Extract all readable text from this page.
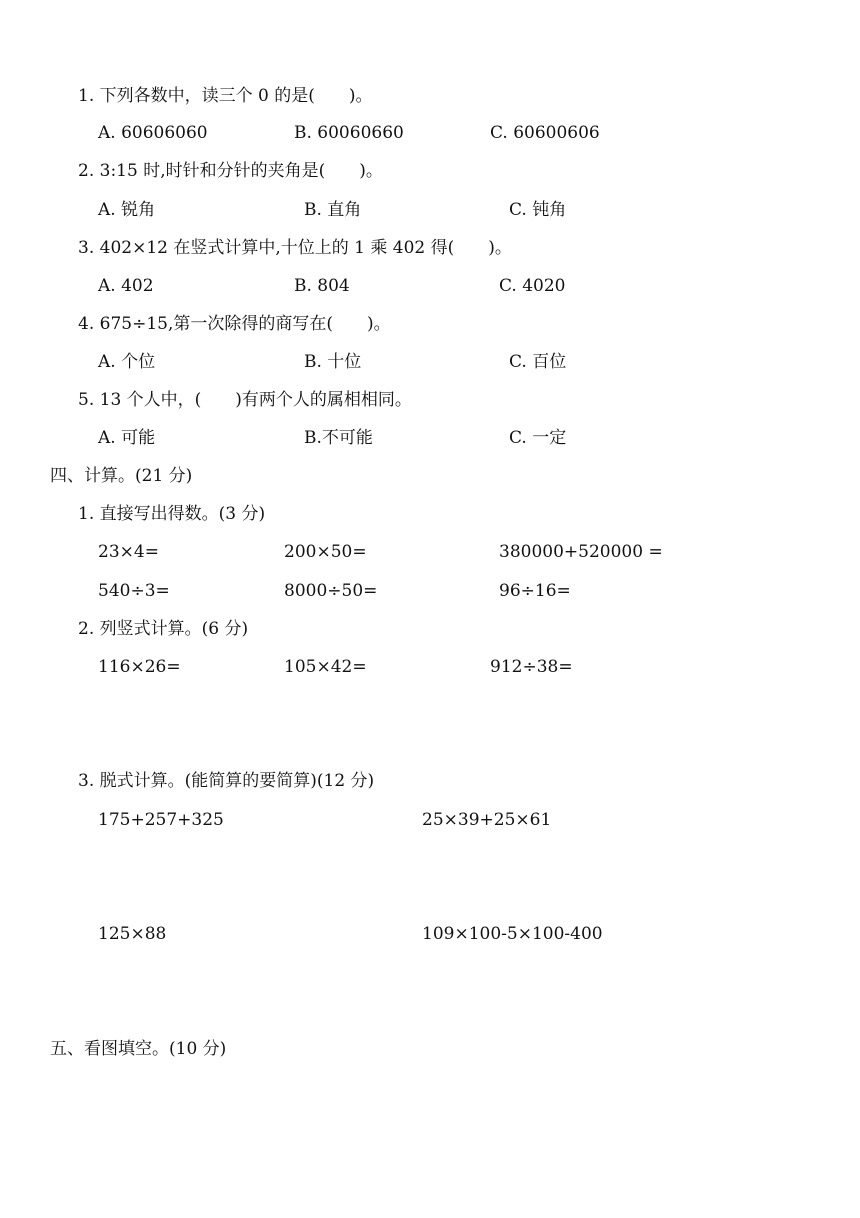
1. 下列各数中，读三个 0 的是(　　)。
A. 60606060	B. 60060660	C. 60600606
2. 3:15 时,时针和分针的夹角是(　　)。
A. 锐角	B. 直角	C. 钝角
3. 402×12 在竖式计算中,十位上的 1 乘 402 得(　　)。
A. 402	B. 804	C. 4020
4. 675÷15,第一次除得的商写在(　　)。
A. 个位	B. 十位	C. 百位
5. 13 个人中，(　　)有两个人的属相相同。
A. 可能	B.不可能	C. 一定
四、计算。(21 分)
1. 直接写出得数。(3 分)
23×4=	200×50=	380000+520000 =
540÷3=	8000÷50=	96÷16=
2. 列竖式计算。(6 分)
116×26=	105×42=	912÷38=
3. 脱式计算。(能简算的要简算)(12 分)
175+257+325	25×39+25×61
125×88	109×100-5×100-400
五、看图填空。(10 分)
